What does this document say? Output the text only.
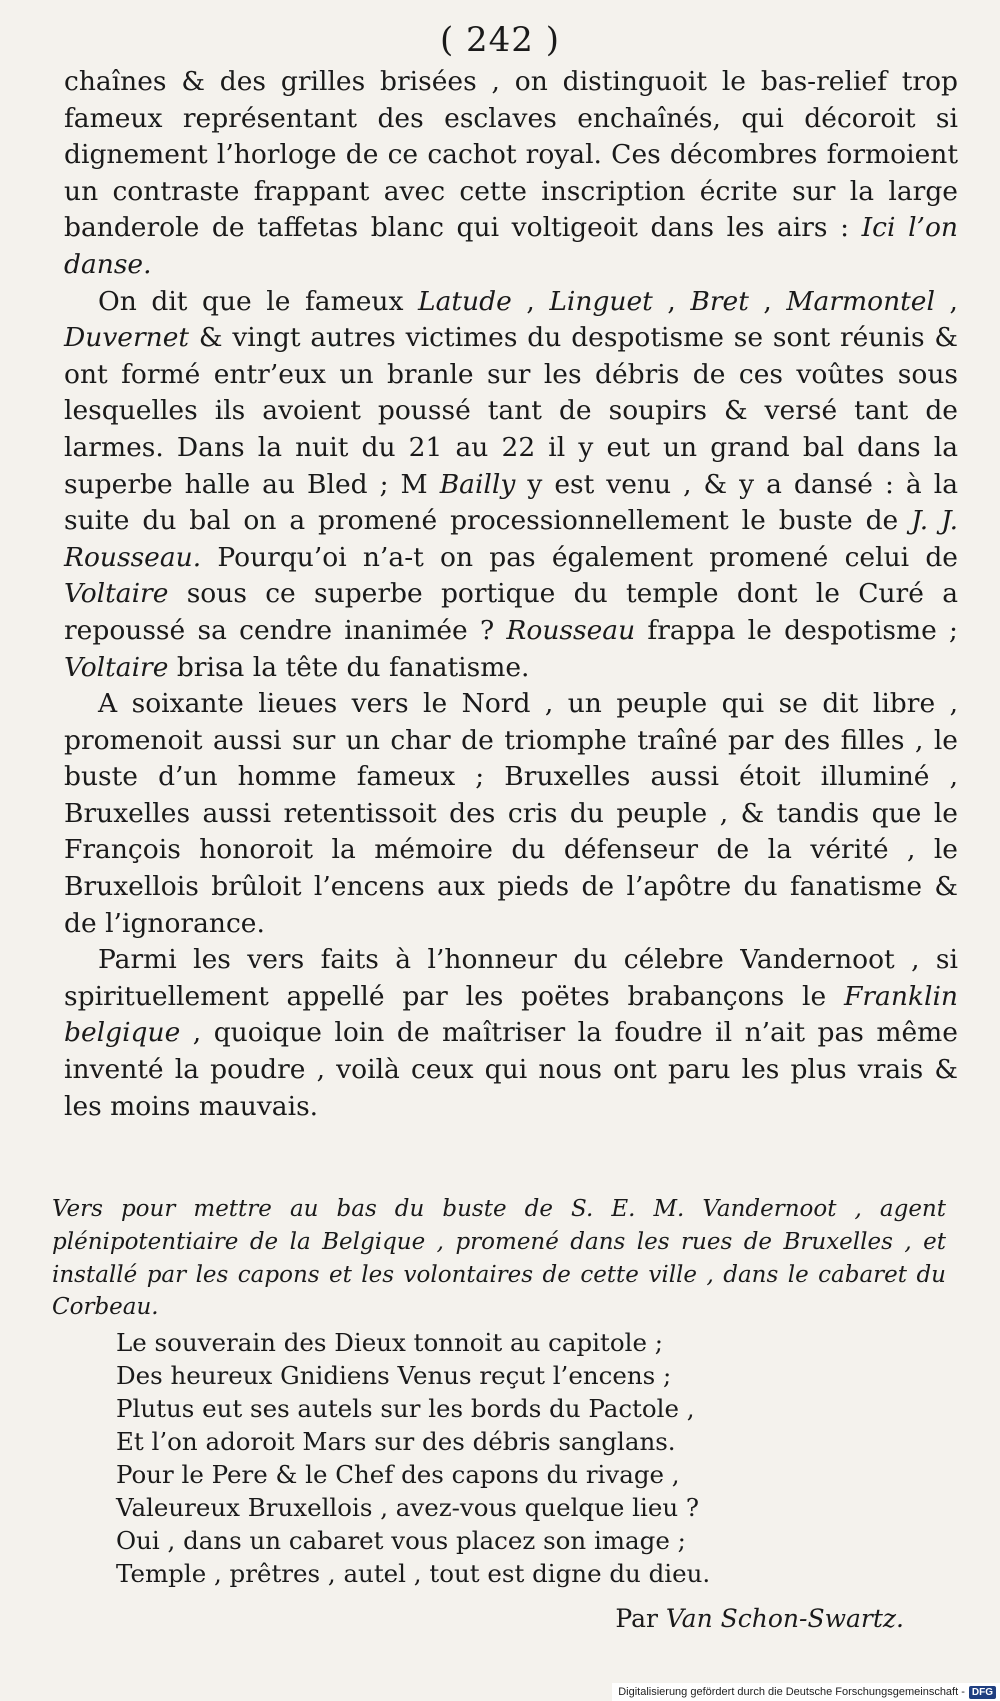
( 242 )

chaînes & des grilles brisées , on distinguoit le bas-relief trop fameux représentant des esclaves enchaînés, qui décoroit si dignement l’horloge de ce cachot royal. Ces décombres formoient un contraste frappant avec cette inscription écrite sur la large banderole de taffetas blanc qui voltigeoit dans les airs : Ici l’on danse.

On dit que le fameux Latude , Linguet , Bret , Marmontel , Duvernet & vingt autres victimes du despotisme se sont réunis & ont formé entr’eux un branle sur les débris de ces voûtes sous lesquelles ils avoient poussé tant de soupirs & versé tant de larmes. Dans la nuit du 21 au 22 il y eut un grand bal dans la superbe halle au Bled ; M Bailly y est venu , & y a dansé : à la suite du bal on a promené processionnellement le buste de J. J. Rousseau. Pourqu’oi n’a-t on pas également promené celui de Voltaire sous ce superbe portique du temple dont le Curé a repoussé sa cendre inanimée ? Rousseau frappa le despotisme ; Voltaire brisa la tête du fanatisme.

A soixante lieues vers le Nord , un peuple qui se dit libre , promenoit aussi sur un char de triomphe traîné par des filles , le buste d’un homme fameux ; Bruxelles aussi étoit illuminé , Bruxelles aussi retentissoit des cris du peuple , & tandis que le François honoroit la mémoire du défenseur de la vérité , le Bruxellois brûloit l’encens aux pieds de l’apôtre du fanatisme & de l’ignorance.

Parmi les vers faits à l’honneur du célebre Vandernoot , si spirituellement appellé par les poëtes brabançons le Franklin belgique , quoique loin de maîtriser la foudre il n’ait pas même inventé la poudre , voilà ceux qui nous ont paru les plus vrais & les moins mauvais.

Vers pour mettre au bas du buste de S. E. M. Vandernoot , agent plénipotentiaire de la Belgique , promené dans les rues de Bruxelles , et installé par les capons et les volontaires de cette ville , dans le cabaret du Corbeau.
Le souverain des Dieux tonnoit au capitole ;
Des heureux Gnidiens Venus reçut l’encens ;
Plutus eut ses autels sur les bords du Pactole ,
Et l’on adoroit Mars sur des débris sanglans.
Pour le Pere & le Chef des capons du rivage ,
Valeureux Bruxellois , avez-vous quelque lieu ?
Oui , dans un cabaret vous placez son image ;
Temple , prêtres , autel , tout est digne du dieu.
Par Van Schon-Swartz.
Digitalisierung gefördert durch die Deutsche Forschungsgemeinschaft - DFG
